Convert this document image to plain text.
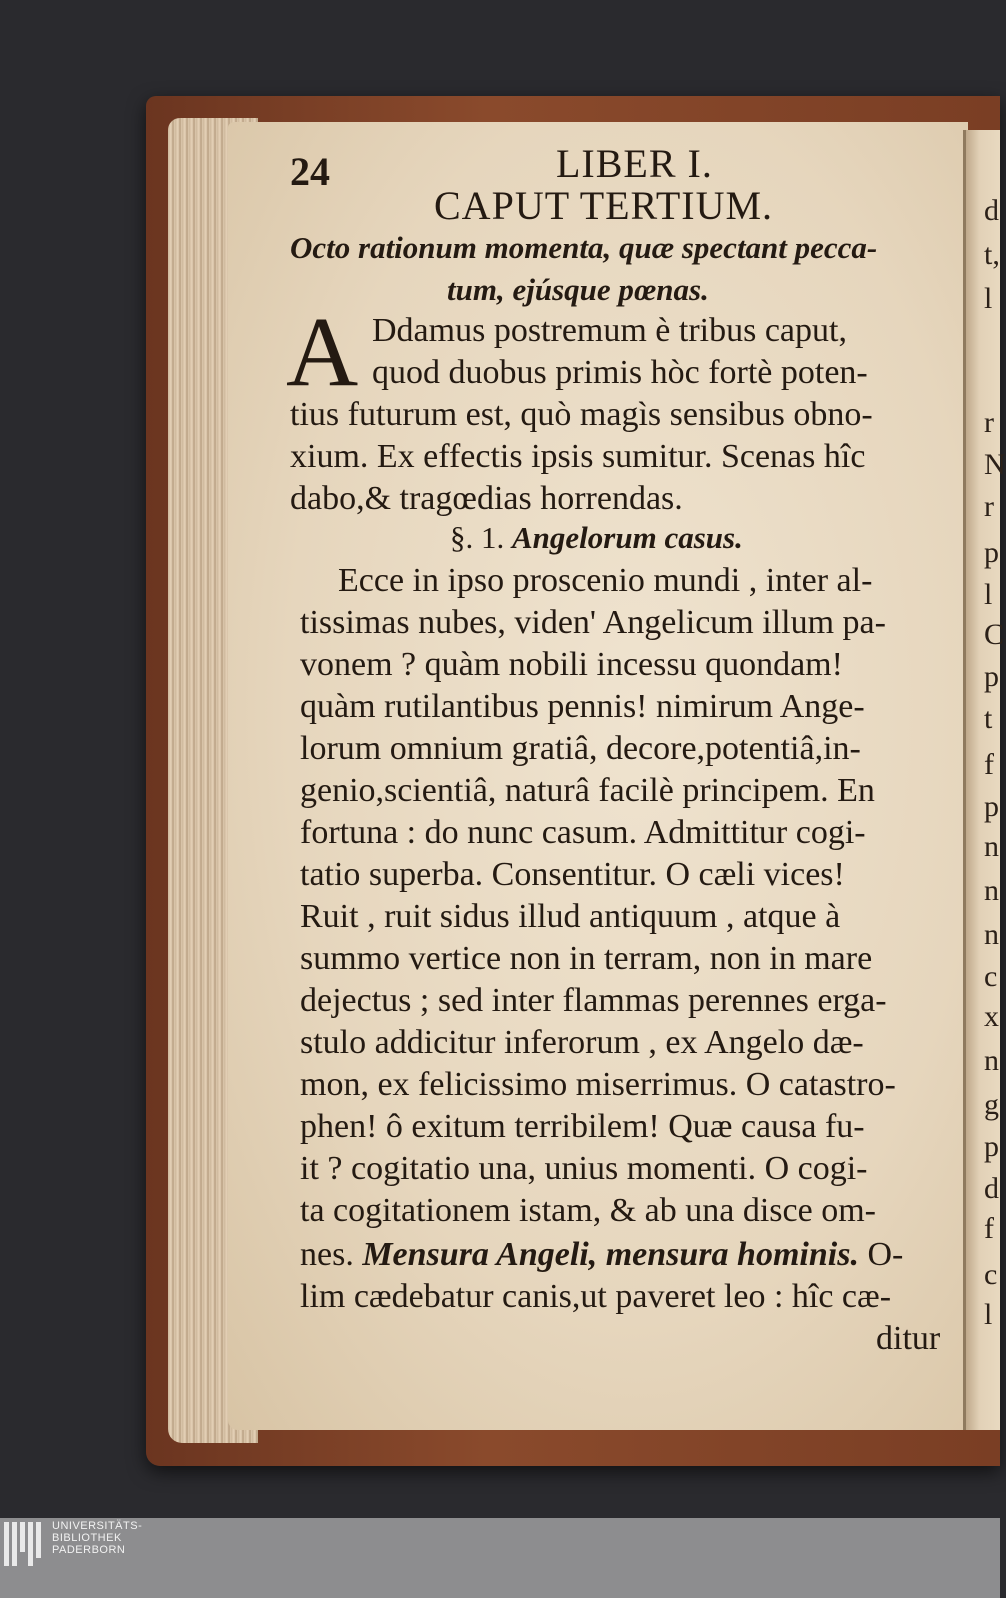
24	LIBER I.
CAPUT TERTIUM.
Octo rationum momenta, quæ spectant pecca-
tum, ejúsque pœnas.
A Ddamus postremum è tribus caput,
quod duobus primis hòc fortè poten-
tius futurum est, quò magìs sensibus obno-
xium. Ex effectis ipsis sumitur. Scenas hîc
dabo,& tragœdias horrendas.
§. 1. Angelorum casus.
Ecce in ipso proscenio mundi , inter al-
tissimas nubes, viden' Angelicum illum pa-
vonem ? quàm nobili incessu quondam!
quàm rutilantibus pennis! nimirum Ange-
lorum omnium gratiâ, decore,potentiâ,in-
genio,scientiâ, naturâ facilè principem. En
fortuna : do nunc casum. Admittitur cogi-
tatio superba. Consentitur. O cæli vices!
Ruit , ruit sidus illud antiquum , atque à
summo vertice non in terram, non in mare
dejectus ; sed inter flammas perennes erga-
stulo addicitur inferorum , ex Angelo dæ-
mon, ex felicissimo miserrimus. O catastro-
phen! ô exitum terribilem! Quæ causa fu-
it ? cogitatio una, unius momenti. O cogi-
ta cogitationem istam, & ab una disce om-
nes. Mensura Angeli, mensura hominis. O-
lim cædebatur canis,ut paveret leo : hîc cæ-
ditur
d
t,
l
r
N
r
p
l
C
p
t
f
p
n
n
n
c
x
n
g
p
d
f
c
l
UNIVERSITÄTS-
BIBLIOTHEK
PADERBORN
